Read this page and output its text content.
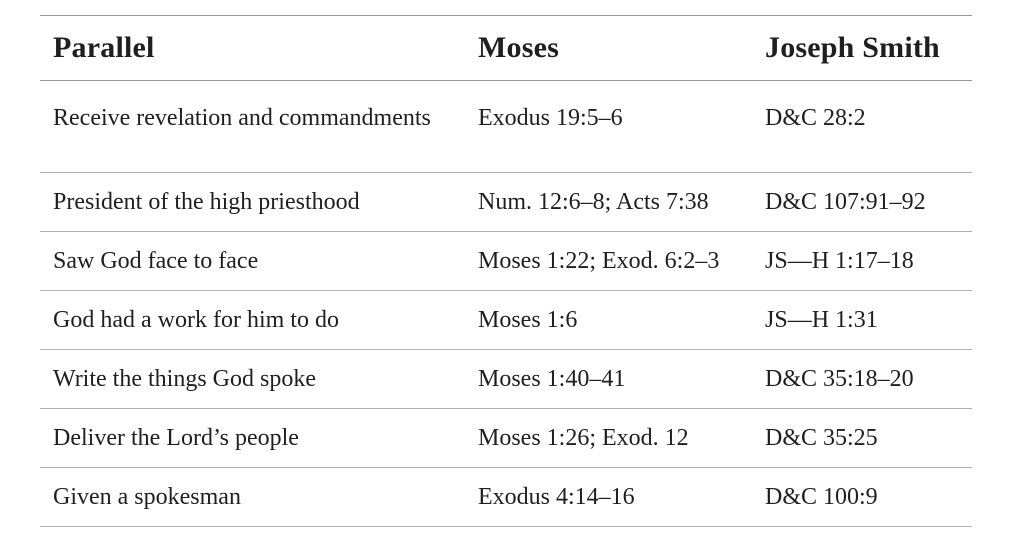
Parallel	Moses	Joseph Smith
Receive revelation and commandments	Exodus 19:5–6	D&C 28:2
President of the high priesthood	Num. 12:6–8; Acts 7:38	D&C 107:91–92
Saw God face to face	Moses 1:22; Exod. 6:2–3	JS—H 1:17–18
God had a work for him to do	Moses 1:6	JS—H 1:31
Write the things God spoke	Moses 1:40–41	D&C 35:18–20
Deliver the Lord’s people	Moses 1:26; Exod. 12	D&C 35:25
Given a spokesman	Exodus 4:14–16	D&C 100:9
